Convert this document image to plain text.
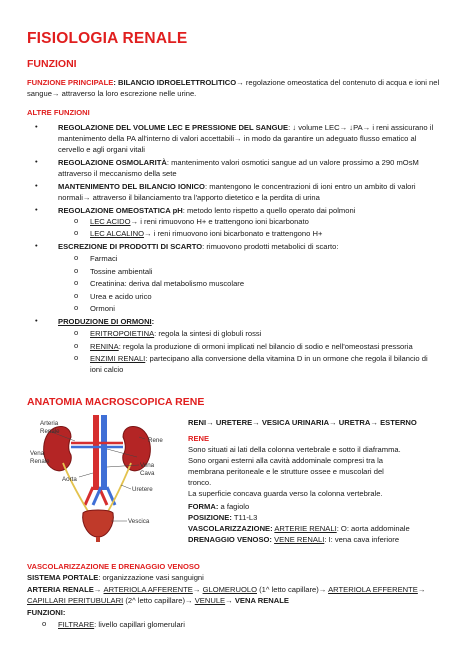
FISIOLOGIA RENALE
FUNZIONI
FUNZIONE PRINCIPALE: BILANCIO IDROELETTROLITICO→ regolazione omeostatica del contenuto di acqua e ioni nel
sangue→ attraverso la loro escrezione nelle urine.
ALTRE FUNZIONI
•	REGOLAZIONE DEL VOLUME LEC E PRESSIONE DEL SANGUE: ↓ volume LEC→ ↓PA→ i reni assicurano il
mantenimento della PA all'interno di valori accettabili→ in modo da garantire un adeguato flusso ematico al
cervello e agli organi vitali
•	REGOLAZIONE OSMOLARITÀ: mantenimento valori osmotici sangue ad un valore prossimo a 290 mOsM
attraverso il meccanismo della sete
•	MANTENIMENTO DEL BILANCIO IONICO: mantengono le concentrazioni di ioni entro un ambito di valori
normali→ attraverso il bilanciamento tra l'apporto dietetico e la perdita di urina
•	REGOLAZIONE OMEOSTATICA pH: metodo lento rispetto a quello operato dai polmoni
o LEC ACIDO→ i reni rimuovono H+ e trattengono ioni bicarbonato
o LEC ALCALINO→ i reni rimuovono ioni bicarbonato e trattengono H+
•	ESCREZIONE DI PRODOTTI DI SCARTO: rimuovono prodotti metabolici di scarto:
o Farmaci
o Tossine ambientali
o Creatinina: deriva dal metabolismo muscolare
o Urea e acido urico
o Ormoni
•	PRODUZIONE DI ORMONI:
o ERITROPOIETINA: regola la sintesi di globuli rossi
o RENINA: regola la produzione di ormoni implicati nel bilancio di sodio e nell'omeostasi pressoria
o ENZIMI RENALI: partecipano alla conversione della vitamina D in un ormone che regola il bilancio di
ioni calcio
ANATOMIA MACROSCOPICA RENE
Arteria
Renale
Rene
Vena
Renale
Vena
Cava
Aorta
Uretere
Vescica
RENI→ URETERE→ VESICA URINARIA→ URETRA→ ESTERNO
RENE
Sono situati ai lati della colonna vertebrale e sotto il diaframma.
Sono organi esterni alla cavità addominale compresi tra la
membrana peritoneale e le strutture ossee e muscolari del
tronco.
La superficie concava guarda verso la colonna vertebrale.
FORMA: a fagiolo
POSIZIONE: T11-L3
VASCOLARIZZAZIONE: ARTERIE RENALI: O: aorta addominale
DRENAGGIO VENOSO: VENE RENALI: I: vena cava inferiore
VASCOLARIZZAZIONE E DRENAGGIO VENOSO
SISTEMA PORTALE: organizzazione vasi sanguigni
ARTERIA RENALE→ ARTERIOLA AFFERENTE→ GLOMERUOLO (1^ letto capillare)→ ARTERIOLA EFFERENTE→
CAPILLARI PERITUBULARI (2^ letto capillare)→ VENULE→ VENA RENALE
FUNZIONI:
o FILTRARE: livello capillari glomerulari
